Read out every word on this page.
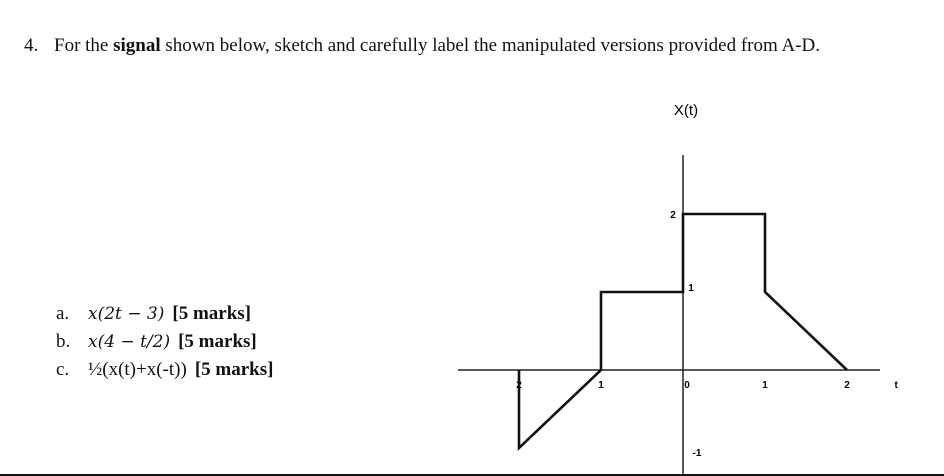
4. For the signal shown below, sketch and carefully label the manipulated versions provided from A-D.
a. x(2t − 3) [5 marks]
b. x(4 − t/2) [5 marks]
c. ½(x(t)+x(-t)) [5 marks]
X(t)
2	1	0	1	2	t
2
1
-1
